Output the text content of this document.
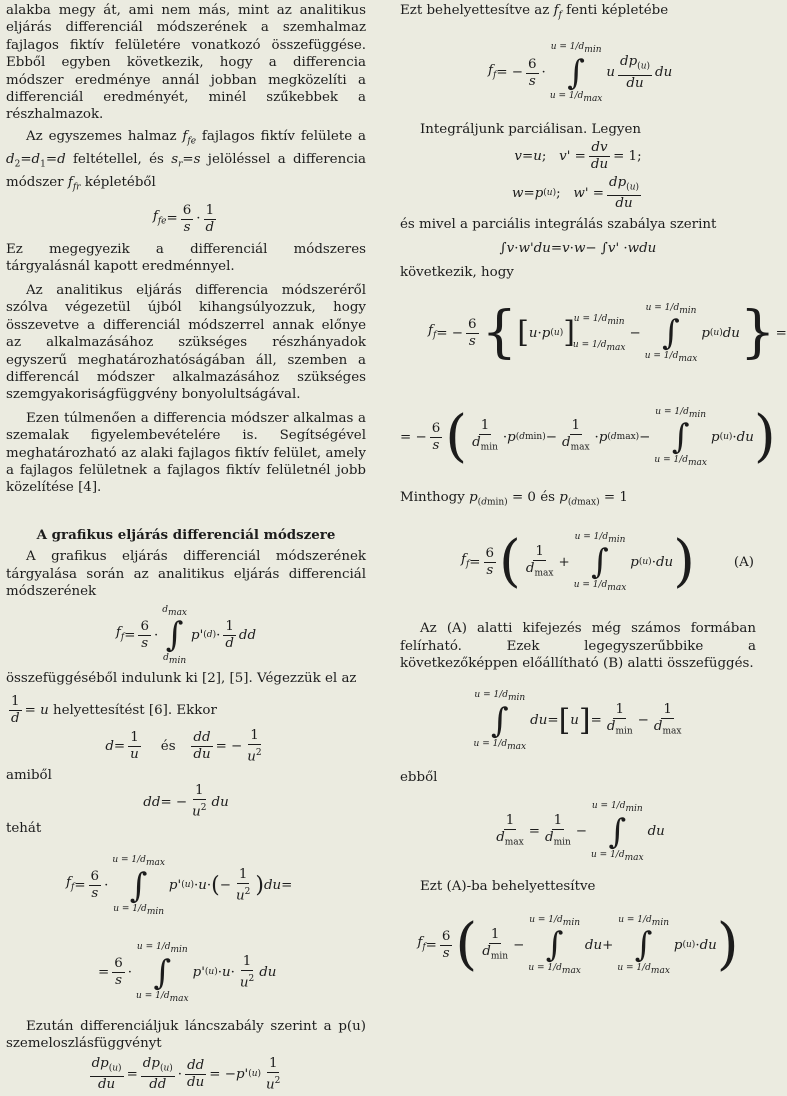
alakba megy át, ami nem más, mint az analitikus eljárás differenciál módszerének a szemhalmaz fajlagos fiktív felületére vonatkozó összefüggése. Ebből egyben következik, hogy a differencia módszer eredménye annál jobban megközelíti a differenciál eredményét, minél szűkebbek a részhalmazok.

Az egyszemes halmaz $f_{fe}$ fajlagos fiktív felülete a $d_2=d_1=d$ feltétellel, és $s_r=s$ jelöléssel a differencia módszer $f_{fr}$ képletéből

$f_{fe} = \frac{6}{s} \cdot \frac{1}{d}$

Ez megegyezik a differenciál módszeres tárgyalásnál kapott eredménnyel.

Az analitikus eljárás differencia módszeréről szólva végezetül újból kihangsúlyozzuk, hogy összevetve a differenciál módszerrel annak előnye az alkalmazásához szükséges részhányadok egyszerű meghatározhatóságában áll, szemben a differencál módszer alkalmazásához szükséges szemgyakoriságfüggvény bonyolultságával.

Ezen túlmenően a differencia módszer alkalmas a szemalak figyelembevételére is. Segítségével meghatározható az alaki fajlagos fiktív felület, amely a fajlagos felületnek a fajlagos fiktív felületnél jobb közelítése [4].

A grafikus eljárás differenciál módszere

A grafikus eljárás differenciál módszerének tárgyalása során az analitikus eljárás differenciál módszerének

$f_f = \frac{6}{s}$ ·
$d_{max}$
∫
$d_{min}$
p ' $(d) \cdot \frac{1}{d}$ dd

összefüggéséből indulunk ki [2], [5]. Végezzük el az

$\frac{1}{d} = u$ helyettesítést [6]. Ekkor

$d = \frac{1}{u}$ és $\frac{dd}{du}$ = − $\frac{1}{u^2}$

amiből

dd = − $\frac{1}{u^2}$ du

tehát

$f_f = \frac{6}{s}$ ·
$u = 1/d_{max}$
∫
$u = 1/d_{min}$
p ' (u) · u · ( − $\frac{1}{u^2}$ ) du =
= $\frac{6}{s}$ ·
$u = 1/d_{min}$
∫
$u = 1/d_{max}$
p ' $(u) \cdot u \cdot \frac{1}{u^2}$ du

Ezután differenciáljuk láncszabály szerint a p(u) szemeloszlásfüggvényt

$\frac{dp_{(u)}}{du} = \frac{dp_{(u)}}{dd} \cdot \frac{dd}{du}$ = − p ' $(u) \frac{1}{u^2}$

Ezt behelyettesítve az $f_f$ fenti képletébe

$f_f$ = − $\frac{6}{s}$ ·
$u = 1/d_{min}$
∫
$u = 1/d_{max}$
u $\frac{dp_{(u)}}{du}$ du

Integráljunk parciálisan. Legyen

v = u ; v ' = $\frac{dv}{du} = 1$;
w = p (u) ; w ' = $\frac{dp_{(u)}}{du}$

és mivel a parciális integrálás szabálya szerint

∫ v · w ' du = v · w − ∫ v ' · wdu

következik, hogy

$f_f$ = − $\frac{6}{s}$ { [ u · p (u) ]
$u = 1/d_{min}$

$u = 1/d_{max}$
−
$u = 1/d_{min}$
∫
$u = 1/d_{max}$
p (u) du } =
= − $\frac{6}{s}$ ( $\frac{1}{d_{min}} \cdot p$ $(dmin) - \frac{1}{d_{max}} \cdot p$ (dmax) −
$u = 1/d_{min}$
∫
$u = 1/d_{max}$
p (u) · du )

Minthogy $p_{(dmin)} = 0$ és $p_{(dmax)} = 1$

$f_f = \frac{6}{s}$ ( $\frac{1}{d_{max}}$ +
$u = 1/d_{min}$
∫
$u = 1/d_{max}$
p (u) · du )	(A)

Az (A) alatti kifejezés még számos formában felírható. Ezek legegyszerűbbike a következőképpen előállítható (B) alatti összefüggés.

$u = 1/d_{min}$
∫
$u = 1/d_{max}$
du = [ u ] = $\frac{1}{d_{min}} - \frac{1}{d_{max}}$

ebből

$\frac{1}{d_{max}} = \frac{1}{d_{min}}$ −
$u = 1/d_{min}$
∫
$u = 1/d_{max}$
du

Ezt (A)-ba behelyettesítve

$f_f = \frac{6}{s}$ ( $\frac{1}{d_{min}}$ −
$u = 1/d_{min}$
∫
$u = 1/d_{max}$
du +
$u = 1/d_{min}$
∫
$u = 1/d_{max}$
p (u) · du )
